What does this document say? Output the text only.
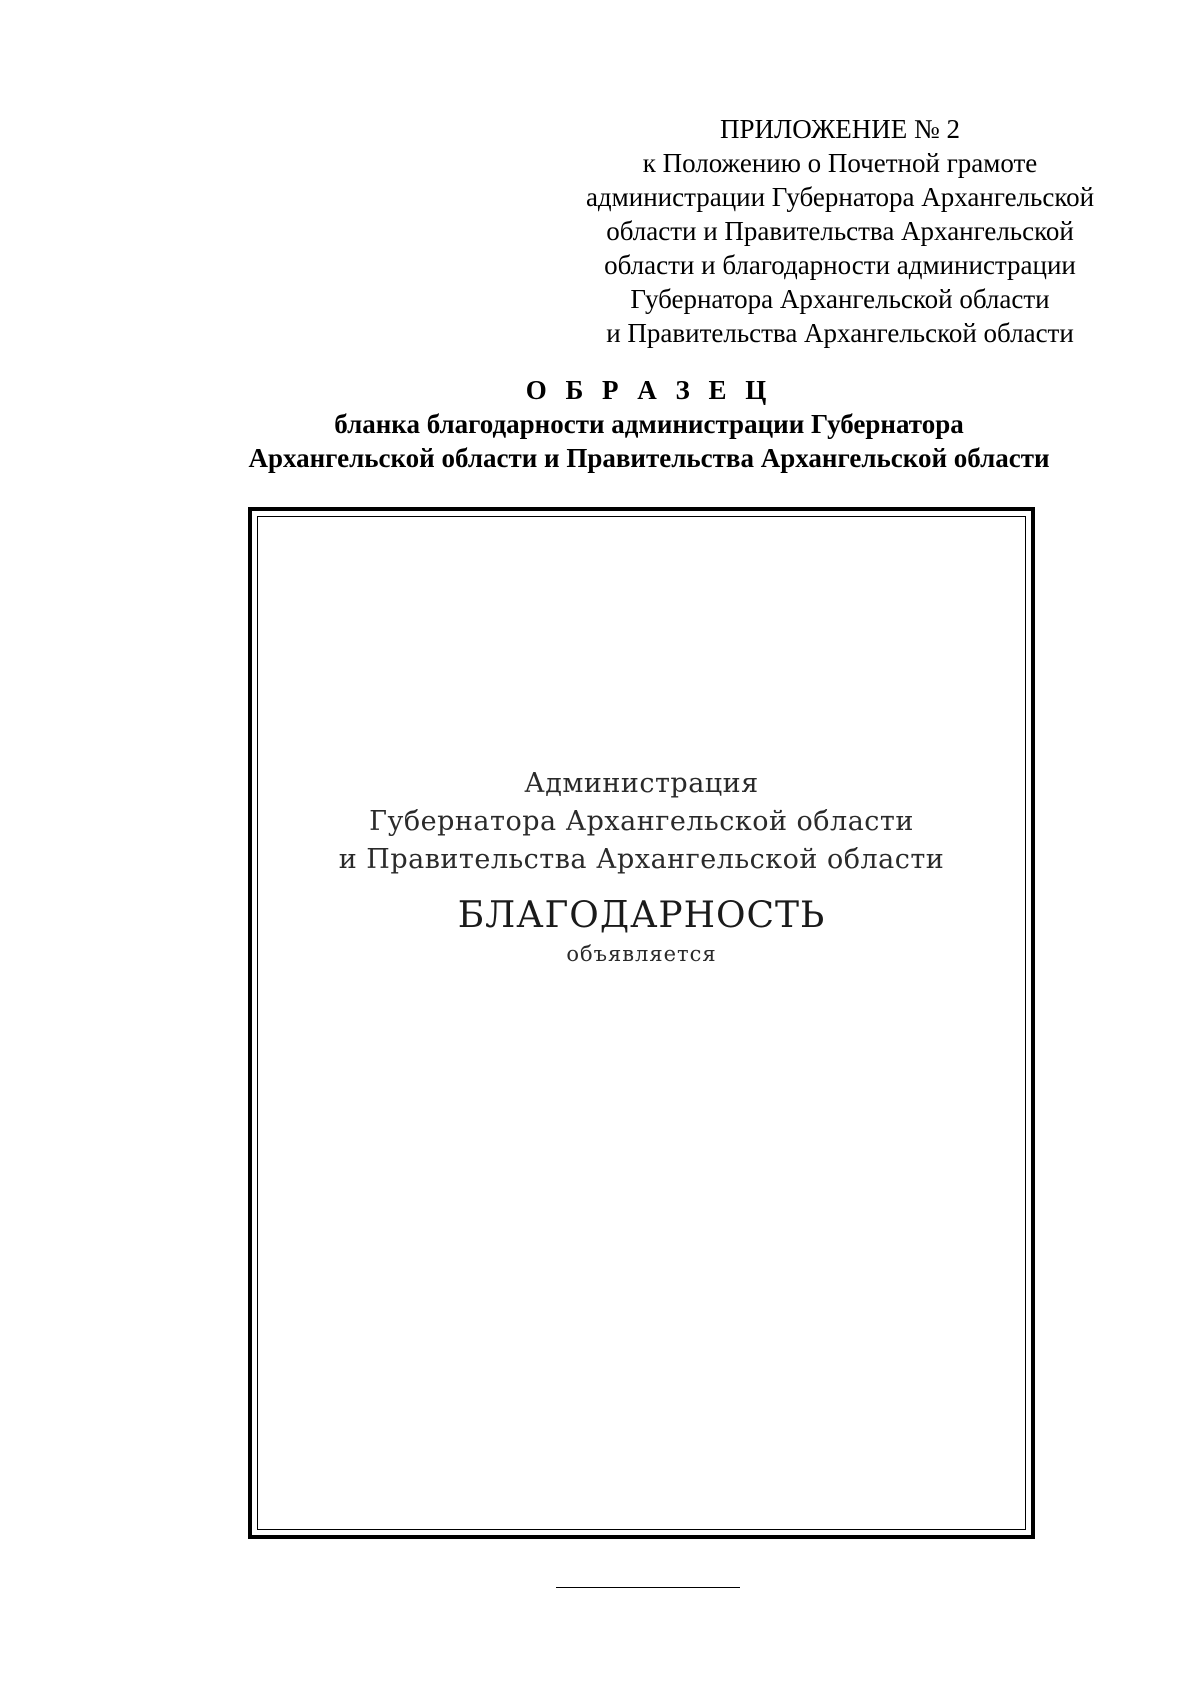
ПРИЛОЖЕНИЕ № 2
к Положению о Почетной грамоте
администрации Губернатора Архангельской
области и Правительства Архангельской
области и благодарности администрации
Губернатора Архангельской области
и Правительства Архангельской области
О Б Р А З Е Ц
бланка благодарности администрации Губернатора
Архангельской области и Правительства Архангельской области
Администрация
Губернатора Архангельской области
и Правительства Архангельской области
БЛАГОДАРНОСТЬ
объявляется
